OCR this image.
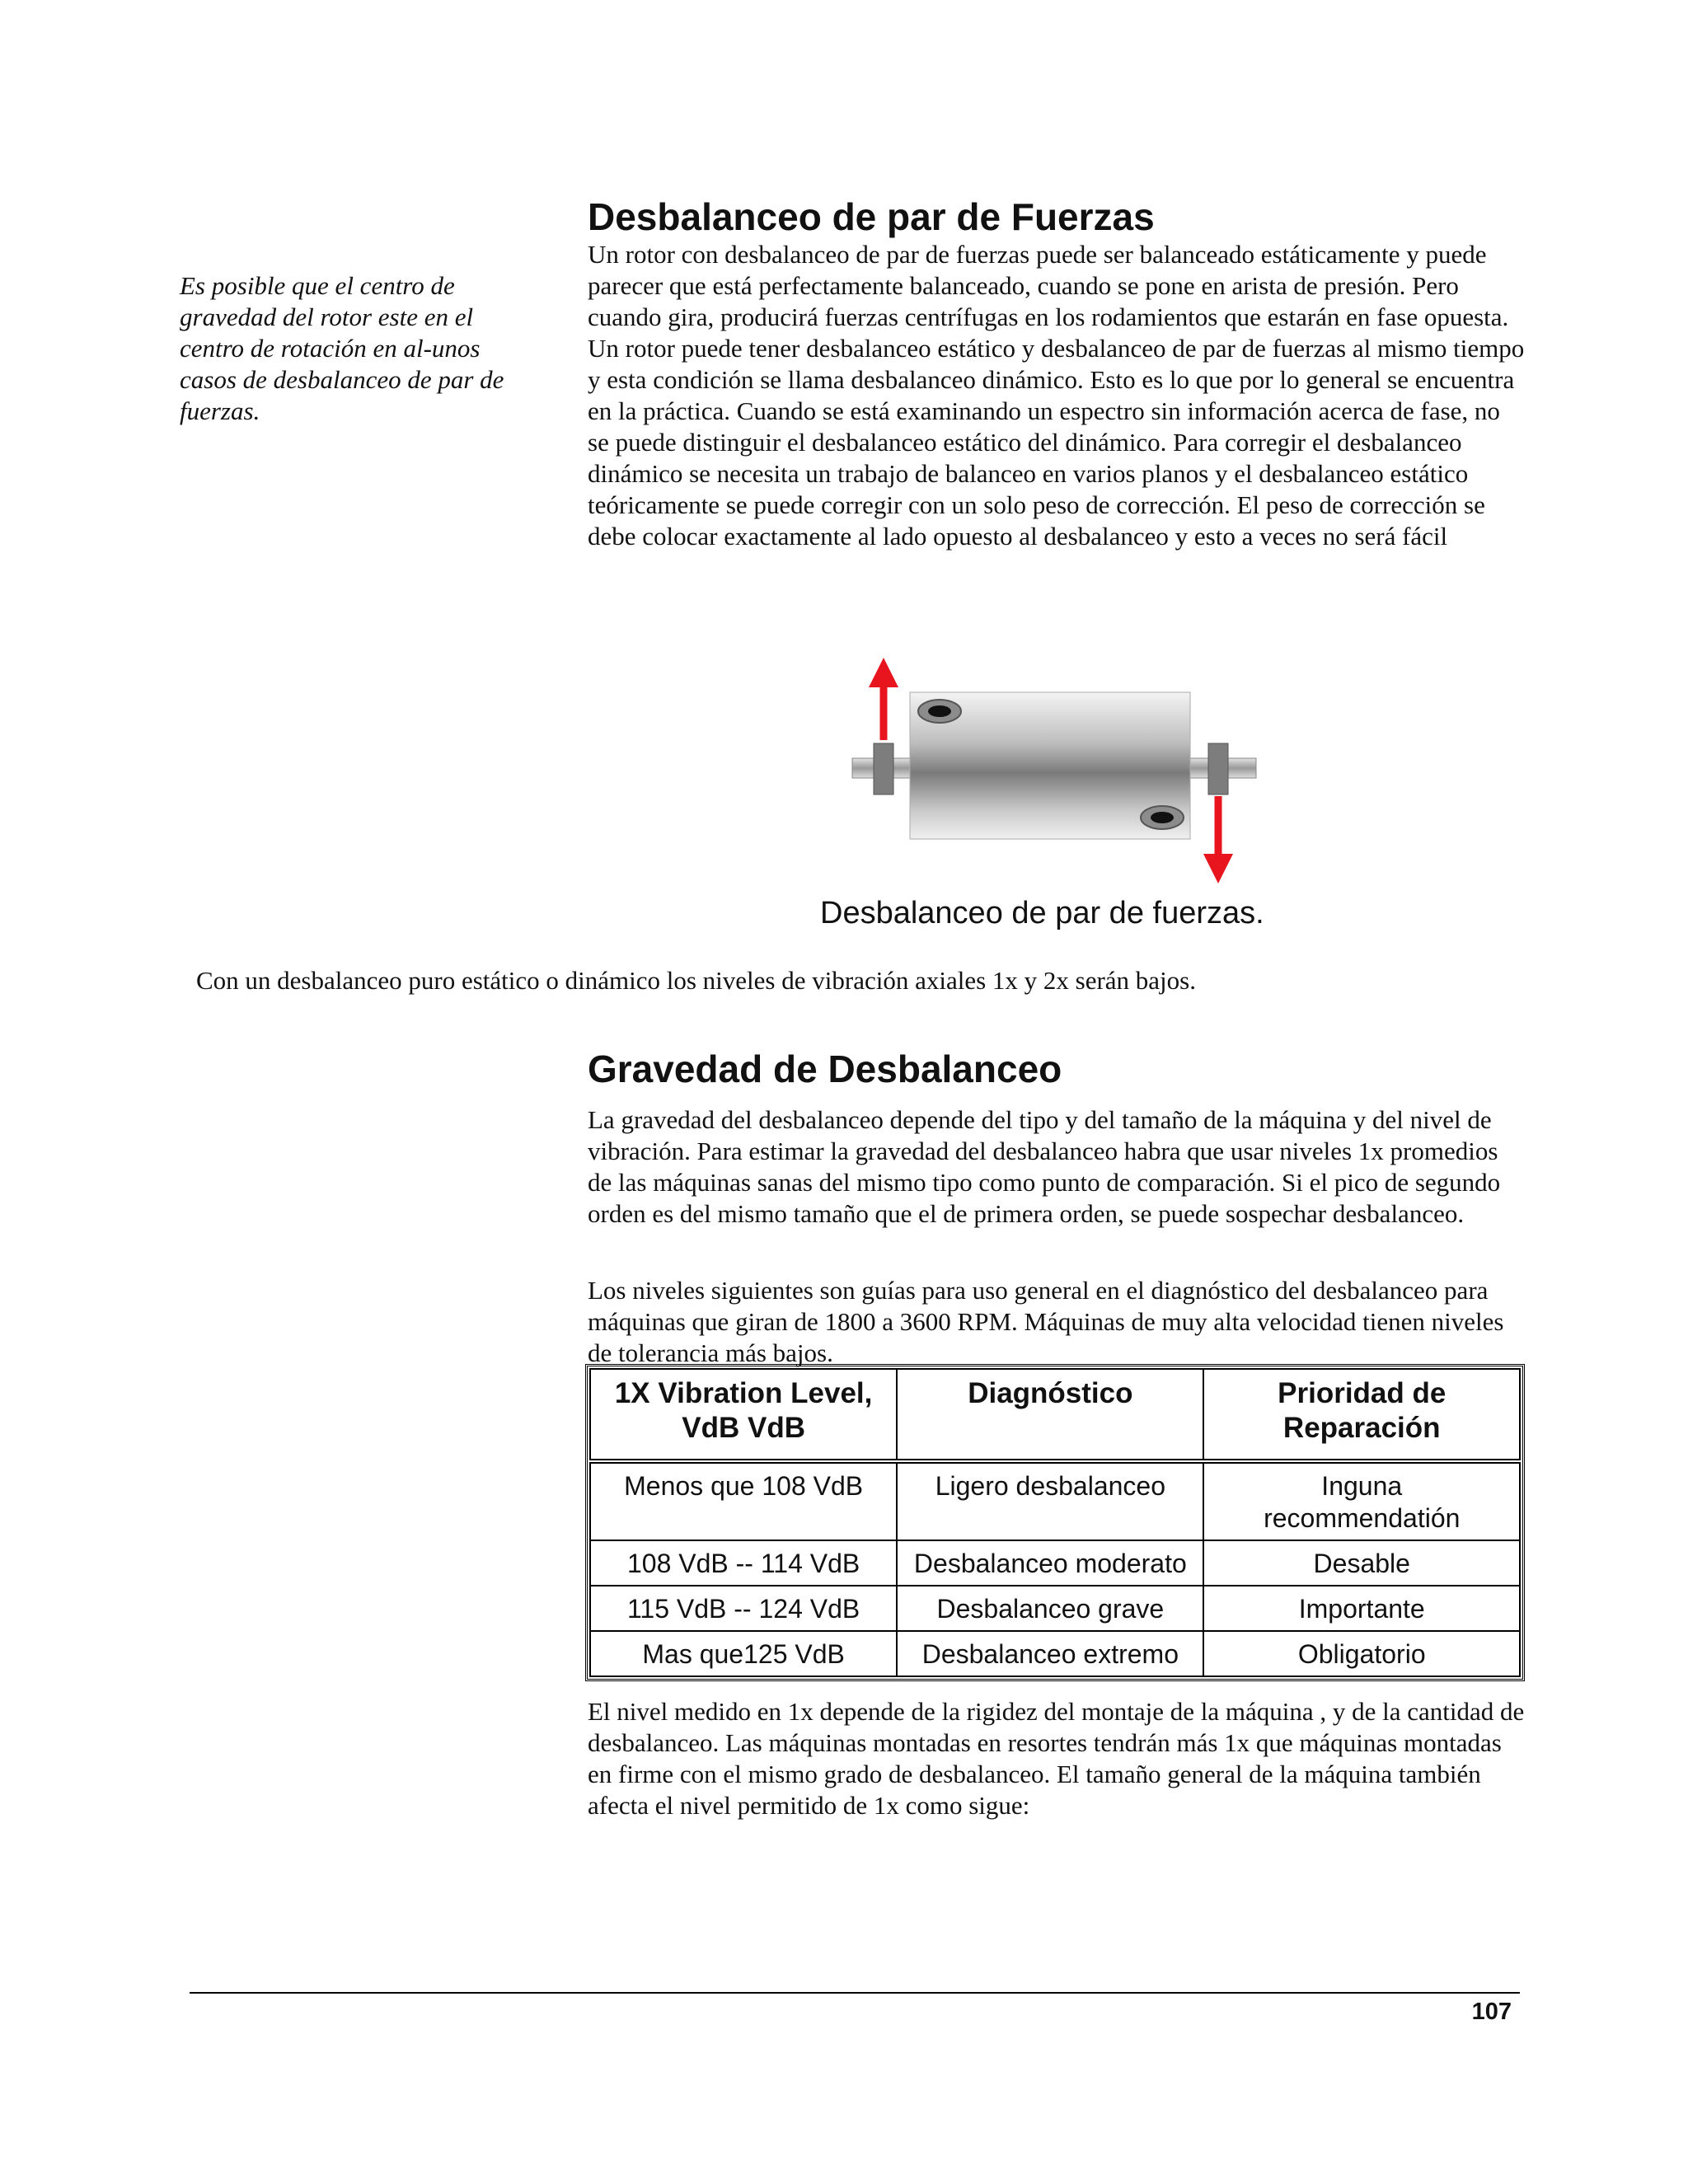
Es posible que el centro de gravedad del rotor este en el centro de rotación en al-unos casos de desbalanceo de par de fuerzas.
Desbalanceo de par de Fuerzas

Un rotor con desbalanceo de par de fuerzas puede ser balanceado estáticamente y puede parecer que está perfectamente balanceado, cuando se pone en arista de presión. Pero cuando gira, producirá fuerzas centrífugas en los rodamientos que estarán en fase opuesta. Un rotor puede tener desbalanceo estático y desbalanceo de par de fuerzas al mismo tiempo y esta condición se llama desbalanceo dinámico. Esto es lo que por lo general se encuentra en la práctica. Cuando se está examinando un espectro sin información acerca de fase, no se puede distinguir el desbalanceo estático del dinámico. Para corregir el desbalanceo dinámico se necesita un trabajo de balanceo en varios planos y el desbalanceo estático teóricamente se puede corregir con un solo peso de corrección. El peso de corrección se debe colocar exactamente al lado opuesto al desbalanceo y esto a veces no será fácil

Desbalanceo de par de fuerzas.
Con un desbalanceo puro estático o dinámico los niveles de vibración axiales 1x y 2x serán bajos.
Gravedad de Desbalanceo

La gravedad del desbalanceo depende del tipo y del tamaño de la máquina y del nivel de vibración. Para estimar la gravedad del desbalanceo habra que usar niveles 1x promedios de las máquinas sanas del mismo tipo como punto de comparación. Si el pico de segundo orden es del mismo tamaño que el de primera orden, se puede sospechar desbalanceo.

Los niveles siguientes son guías para uso general en el diagnóstico del desbalanceo para máquinas que giran de 1800 a 3600 RPM. Máquinas de muy alta velocidad tienen niveles de tolerancia más bajos.

1X Vibration Level, VdB VdB	Diagnóstico	Prioridad de Reparación
Menos que 108 VdB	Ligero desbalanceo	Inguna recommendatión
108 VdB -- 114 VdB	Desbalanceo moderato	Desable
115 VdB -- 124 VdB	Desbalanceo grave	Importante
Mas que125 VdB	Desbalanceo extremo	Obligatorio

El nivel medido en 1x depende de la rigidez del montaje de la máquina , y de la cantidad de desbalanceo. Las máquinas montadas en resortes tendrán más 1x que máquinas montadas en firme con el mismo grado de desbalanceo. El tamaño general de la máquina también afecta el nivel permitido de 1x como sigue:

107
